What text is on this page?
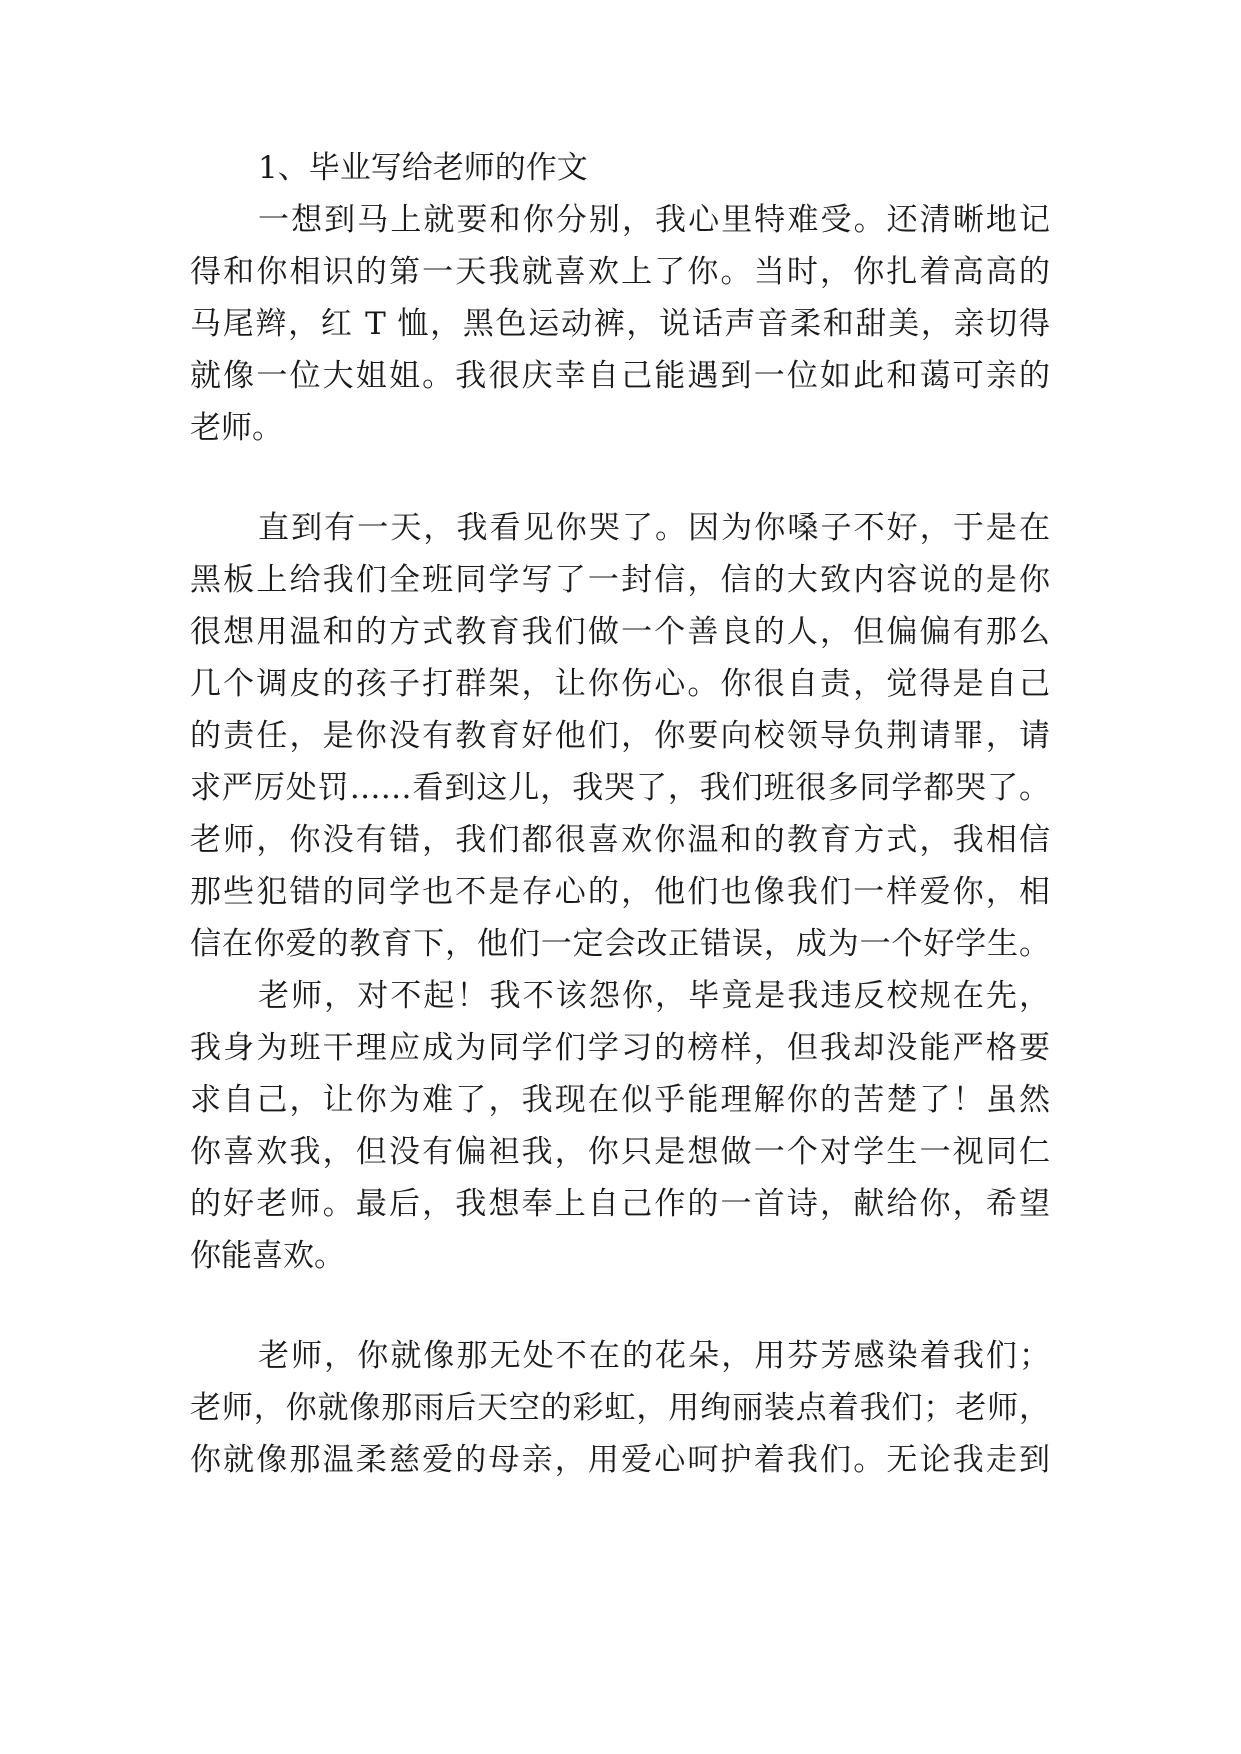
1、毕业写给老师的作文
一想到马上就要和你分别，我心里特难受。还清晰地记
得和你相识的第一天我就喜欢上了你。当时，你扎着高高的
马尾辫，红 T 恤，黑色运动裤，说话声音柔和甜美，亲切得
就像一位大姐姐。我很庆幸自己能遇到一位如此和蔼可亲的
老师。
直到有一天，我看见你哭了。因为你嗓子不好，于是在
黑板上给我们全班同学写了一封信，信的大致内容说的是你
很想用温和的方式教育我们做一个善良的人，但偏偏有那么
几个调皮的孩子打群架，让你伤心。你很自责，觉得是自己
的责任，是你没有教育好他们，你要向校领导负荆请罪，请
求严厉处罚……看到这儿，我哭了，我们班很多同学都哭了。
老师，你没有错，我们都很喜欢你温和的教育方式，我相信
那些犯错的同学也不是存心的，他们也像我们一样爱你，相
信在你爱的教育下，他们一定会改正错误，成为一个好学生。
老师，对不起！我不该怨你，毕竟是我违反校规在先，
我身为班干理应成为同学们学习的榜样，但我却没能严格要
求自己，让你为难了，我现在似乎能理解你的苦楚了！虽然
你喜欢我，但没有偏袒我，你只是想做一个对学生一视同仁
的好老师。最后，我想奉上自己作的一首诗，献给你，希望
你能喜欢。
老师，你就像那无处不在的花朵，用芬芳感染着我们；
老师，你就像那雨后天空的彩虹，用绚丽装点着我们；老师，
你就像那温柔慈爱的母亲，用爱心呵护着我们。无论我走到
